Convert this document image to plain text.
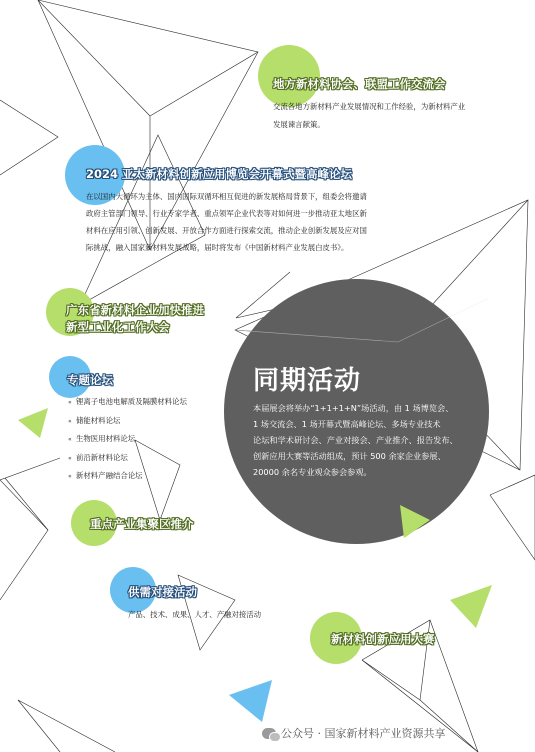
地方新材料协会、联盟工作交流会
交流各地方新材料产业发展情况和工作经验，为新材料产业
发展谏言献策。
2024 亚太新材料创新应用博览会开幕式暨高峰论坛
在以国内大循环为主体、国内国际双循环相互促进的新发展格局背景下，组委会将邀请
政府主管部门领导、行业专家学者、重点领军企业代表等对如何进一步推动亚太地区新
材料在应用引领、创新发展、开放合作方面进行探索交流，推动企业创新发展及应对国
际挑战，融入国家新材料发展战略，届时将发布《中国新材料产业发展白皮书》。
广东省新材料企业加快推进
新型工业化工作大会
专题论坛
« 锂离子电池电解质及隔膜材料论坛
« 储能材料论坛
« 生物医用材料论坛
« 前沿新材料论坛
« 新材料产融结合论坛
重点产业集聚区推介
供需对接活动
产品、技术、成果、人才、产融对接活动
新材料创新应用大赛
同期活动
本届展会将举办“1+1+1+N”场活动，由 1 场博览会、
1 场交流会、1 场开幕式暨高峰论坛、多场专业技术
论坛和学术研讨会、产业对接会、产业推介、报告发布、
创新应用大赛等活动组成，预计 500 余家企业参展、
20000 余名专业观众参会参观。
公众号 · 国家新材料产业资源共享
